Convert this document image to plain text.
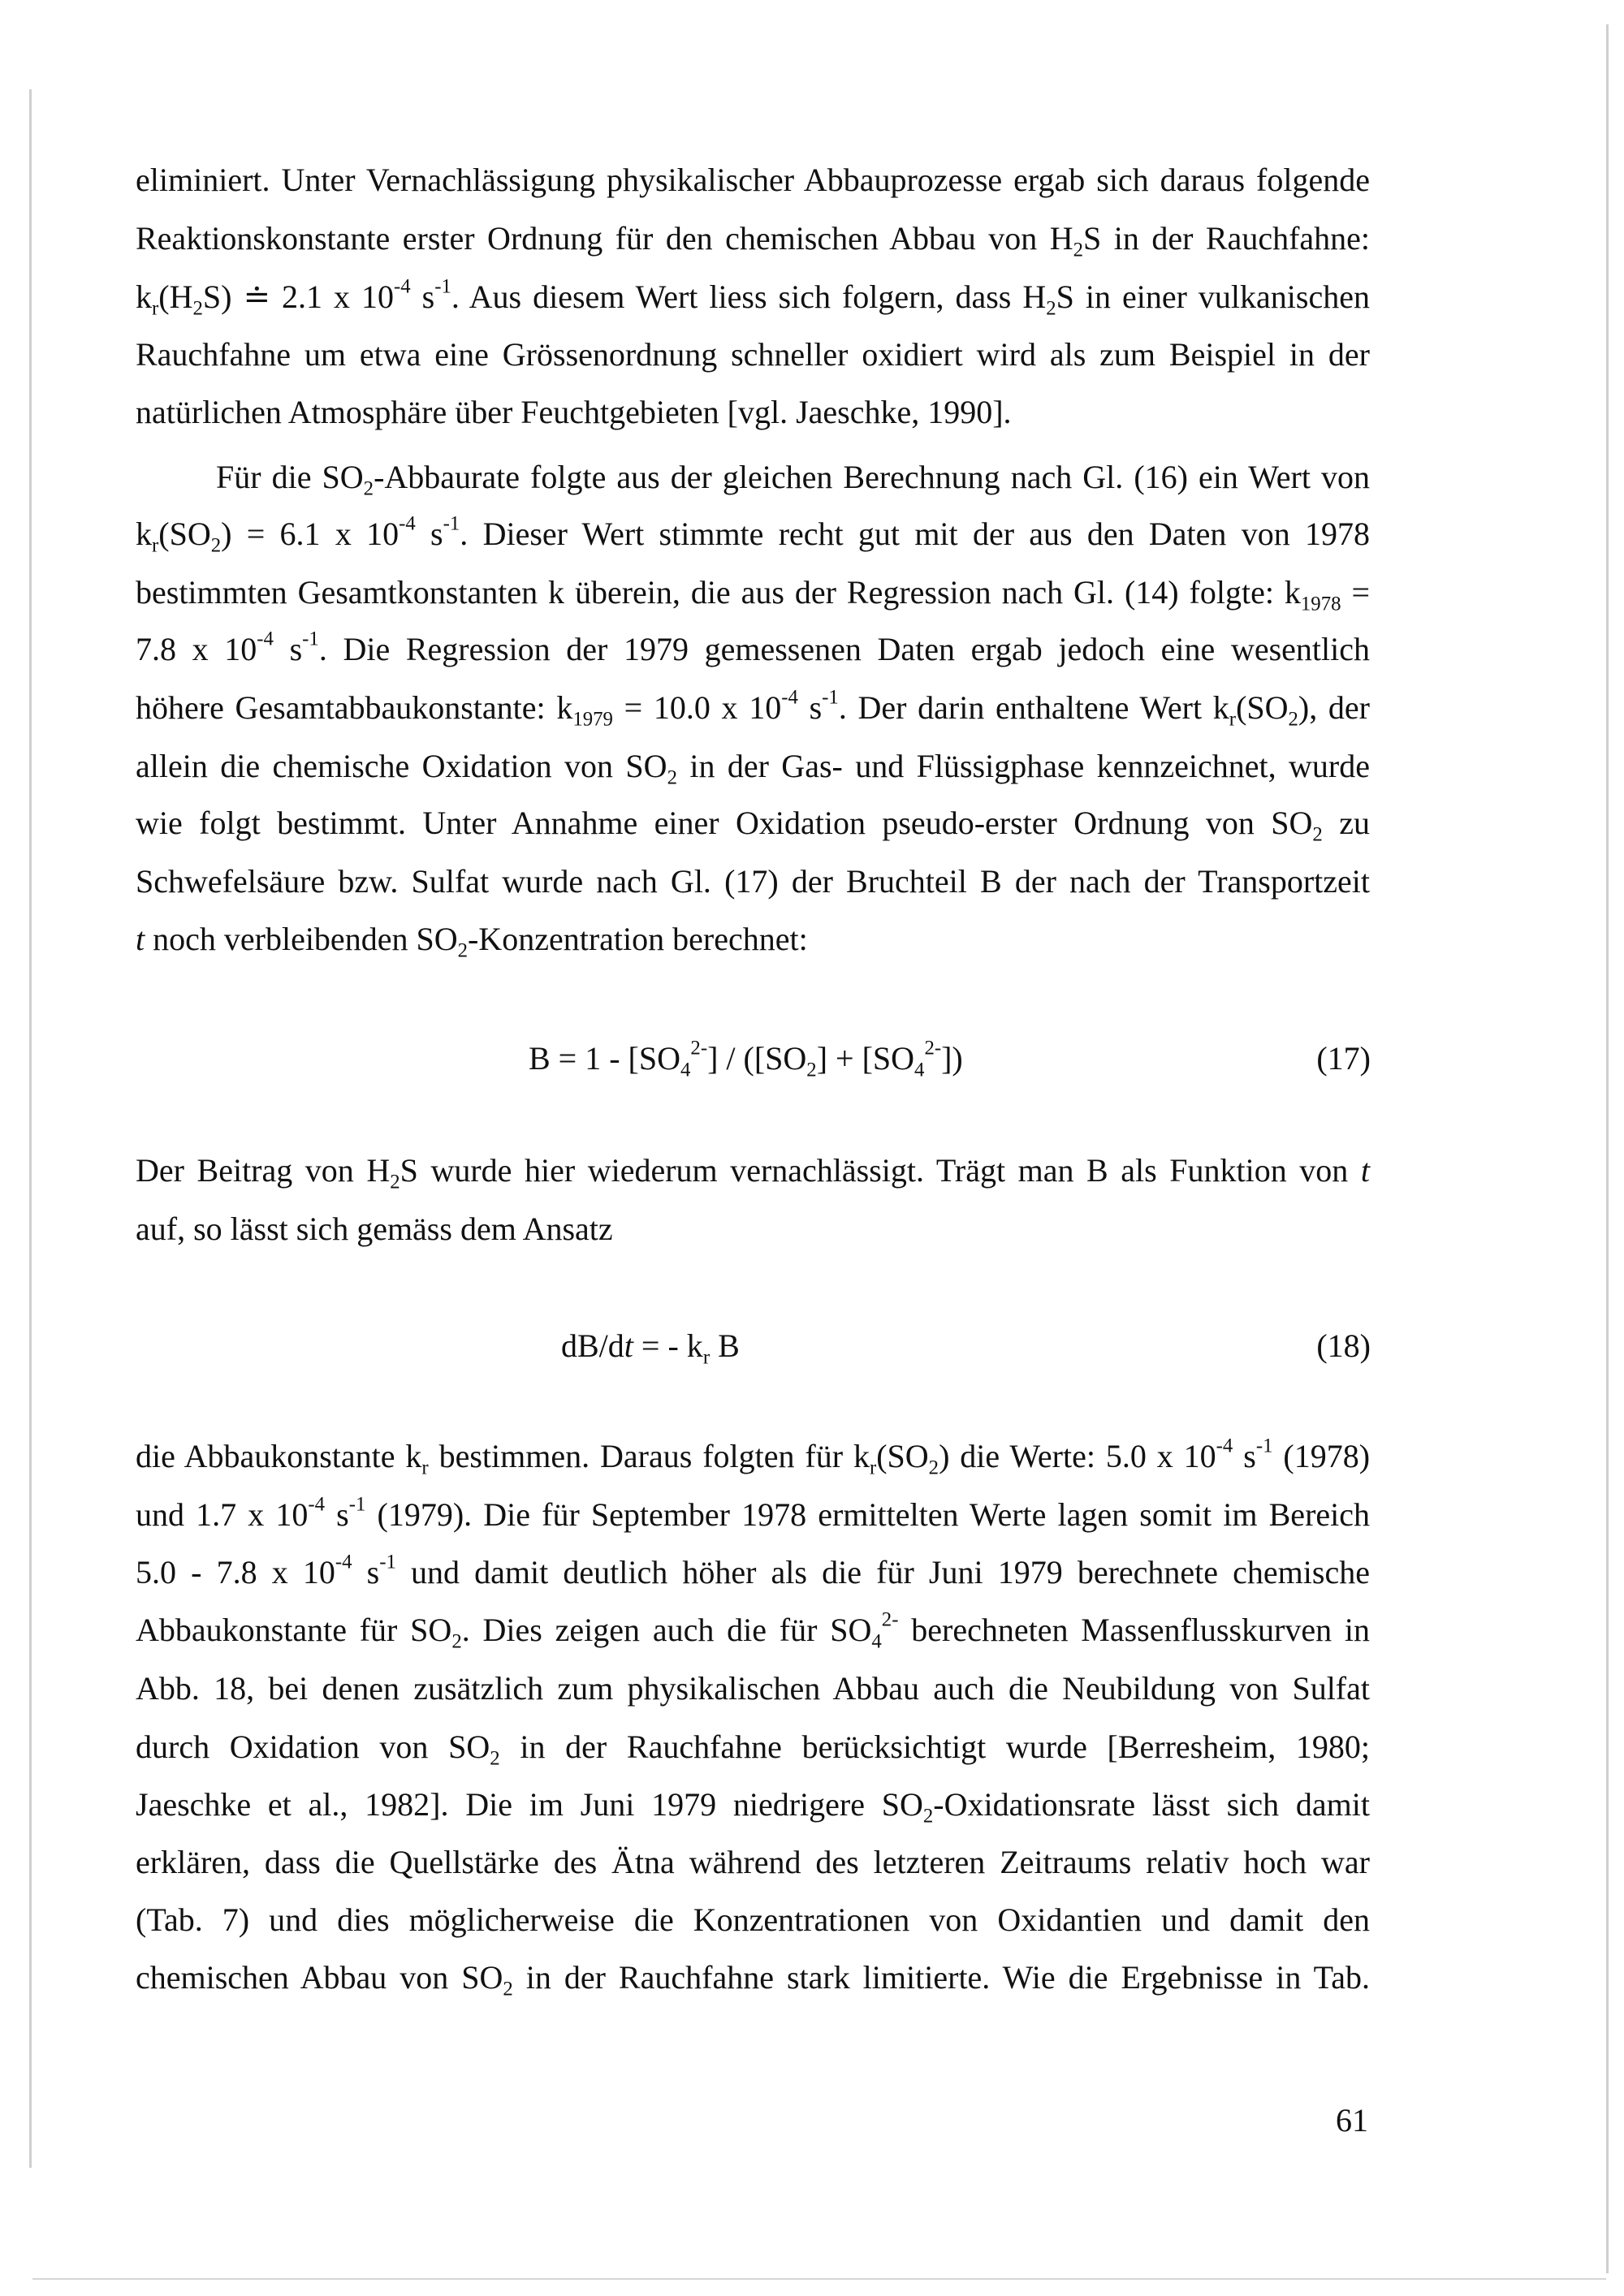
eliminiert. Unter Vernachlässigung physikalischer Abbauprozesse ergab sich daraus folgende
Reaktionskonstante erster Ordnung für den chemischen Abbau von $H_2S$ in der Rauchfahne:
$k_r(H_2S)$ ≐ 2.1 x $10^{-4}$ $s^{-1}$. Aus diesem Wert liess sich folgern, dass $H_2S$ in einer vulkanischen
Rauchfahne um etwa eine Grössenordnung schneller oxidiert wird als zum Beispiel in der
natürlichen Atmosphäre über Feuchtgebieten [vgl. Jaeschke, 1990].
Für die $SO_2$-Abbaurate folgte aus der gleichen Berechnung nach Gl. (16) ein Wert von
$k_r(SO_2) = 6.1$ x $10^{-4}$ $s^{-1}$. Dieser Wert stimmte recht gut mit der aus den Daten von 1978
bestimmten Gesamtkonstanten k überein, die aus der Regression nach Gl. (14) folgte: $k_{1978}$ =
7.8 x $10^{-4}$ $s^{-1}$. Die Regression der 1979 gemessenen Daten ergab jedoch eine wesentlich
höhere Gesamtabbaukonstante: $k_{1979} = 10.0$ x $10^{-4}$ $s^{-1}$. Der darin enthaltene Wert $k_r(SO_2)$, der
allein die chemische Oxidation von $SO_2$ in der Gas- und Flüssigphase kennzeichnet, wurde
wie folgt bestimmt. Unter Annahme einer Oxidation pseudo-erster Ordnung von $SO_2$ zu
Schwefelsäure bzw. Sulfat wurde nach Gl. (17) der Bruchteil B der nach der Transportzeit
t noch verbleibenden $SO_2$-Konzentration berechnet:
$B = 1 - [SO_4^{2-}] / ([SO_2] + [SO_4^{2-}])$	(17)
Der Beitrag von $H_2S$ wurde hier wiederum vernachlässigt. Trägt man B als Funktion von t
auf, so lässt sich gemäss dem Ansatz
dB/dt = - $k_r$ B	(18)
die Abbaukonstante $k_r$ bestimmen. Daraus folgten für $k_r(SO_2)$ die Werte: 5.0 x $10^{-4}$ $s^{-1}$ (1978)
und 1.7 x $10^{-4}$ $s^{-1}$ (1979). Die für September 1978 ermittelten Werte lagen somit im Bereich
5.0 - 7.8 x $10^{-4}$ $s^{-1}$ und damit deutlich höher als die für Juni 1979 berechnete chemische
Abbaukonstante für $SO_2$. Dies zeigen auch die für $SO_4^{2-}$ berechneten Massenflusskurven in
Abb. 18, bei denen zusätzlich zum physikalischen Abbau auch die Neubildung von Sulfat
durch Oxidation von $SO_2$ in der Rauchfahne berücksichtigt wurde [Berresheim, 1980;
Jaeschke et al., 1982]. Die im Juni 1979 niedrigere $SO_2$-Oxidationsrate lässt sich damit
erklären, dass die Quellstärke des Ätna während des letzteren Zeitraums relativ hoch war
(Tab. 7) und dies möglicherweise die Konzentrationen von Oxidantien und damit den
chemischen Abbau von $SO_2$ in der Rauchfahne stark limitierte. Wie die Ergebnisse in Tab.
61
